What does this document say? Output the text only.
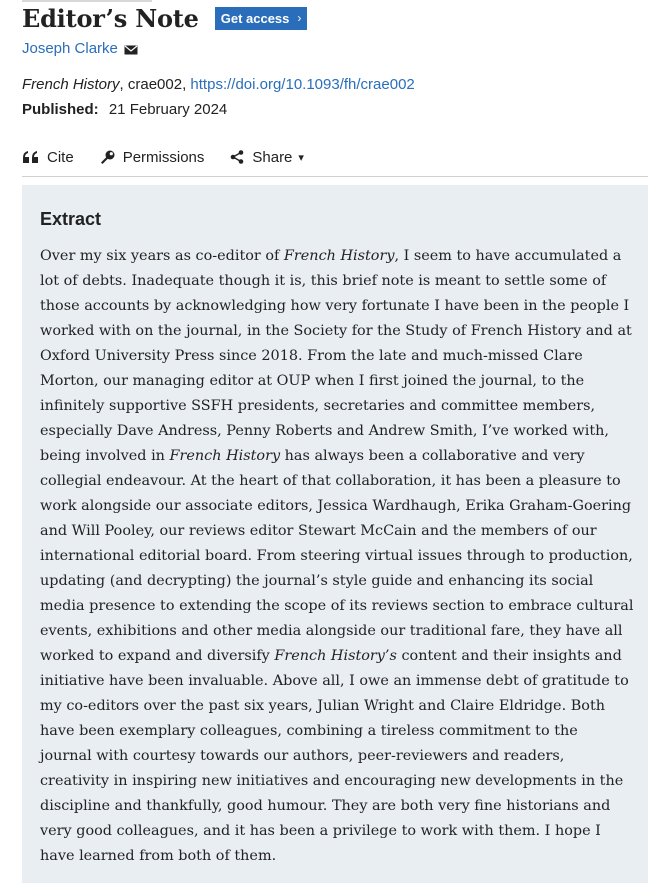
Editor’s Note Get access ›
Joseph Clarke
French History, crae002, https://doi.org/10.1093/fh/crae002
Published: 21 February 2024
Cite	Permissions	Share ▾
Extract

Over my six years as co-editor of French History, I seem to have accumulated a lot of debts. Inadequate though it is, this brief note is meant to settle some of those accounts by acknowledging how very fortunate I have been in the people I worked with on the journal, in the Society for the Study of French History and at Oxford University Press since 2018. From the late and much-missed Clare Morton, our managing editor at OUP when I first joined the journal, to the infinitely supportive SSFH presidents, secretaries and committee members, especially Dave Andress, Penny Roberts and Andrew Smith, I’ve worked with, being involved in French History has always been a collaborative and very collegial endeavour. At the heart of that collaboration, it has been a pleasure to work alongside our associate editors, Jessica Wardhaugh, Erika Graham-Goering and Will Pooley, our reviews editor Stewart McCain and the members of our international editorial board. From steering virtual issues through to production, updating (and decrypting) the journal’s style guide and enhancing its social media presence to extending the scope of its reviews section to embrace cultural events, exhibitions and other media alongside our traditional fare, they have all worked to expand and diversify French History’s content and their insights and initiative have been invaluable. Above all, I owe an immense debt of gratitude to my co-editors over the past six years, Julian Wright and Claire Eldridge. Both have been exemplary colleagues, combining a tireless commitment to the journal with courtesy towards our authors, peer-reviewers and readers, creativity in inspiring new initiatives and encouraging new developments in the discipline and thankfully, good humour. They are both very fine historians and very good colleagues, and it has been a privilege to work with them. I hope I have learned from both of them.
